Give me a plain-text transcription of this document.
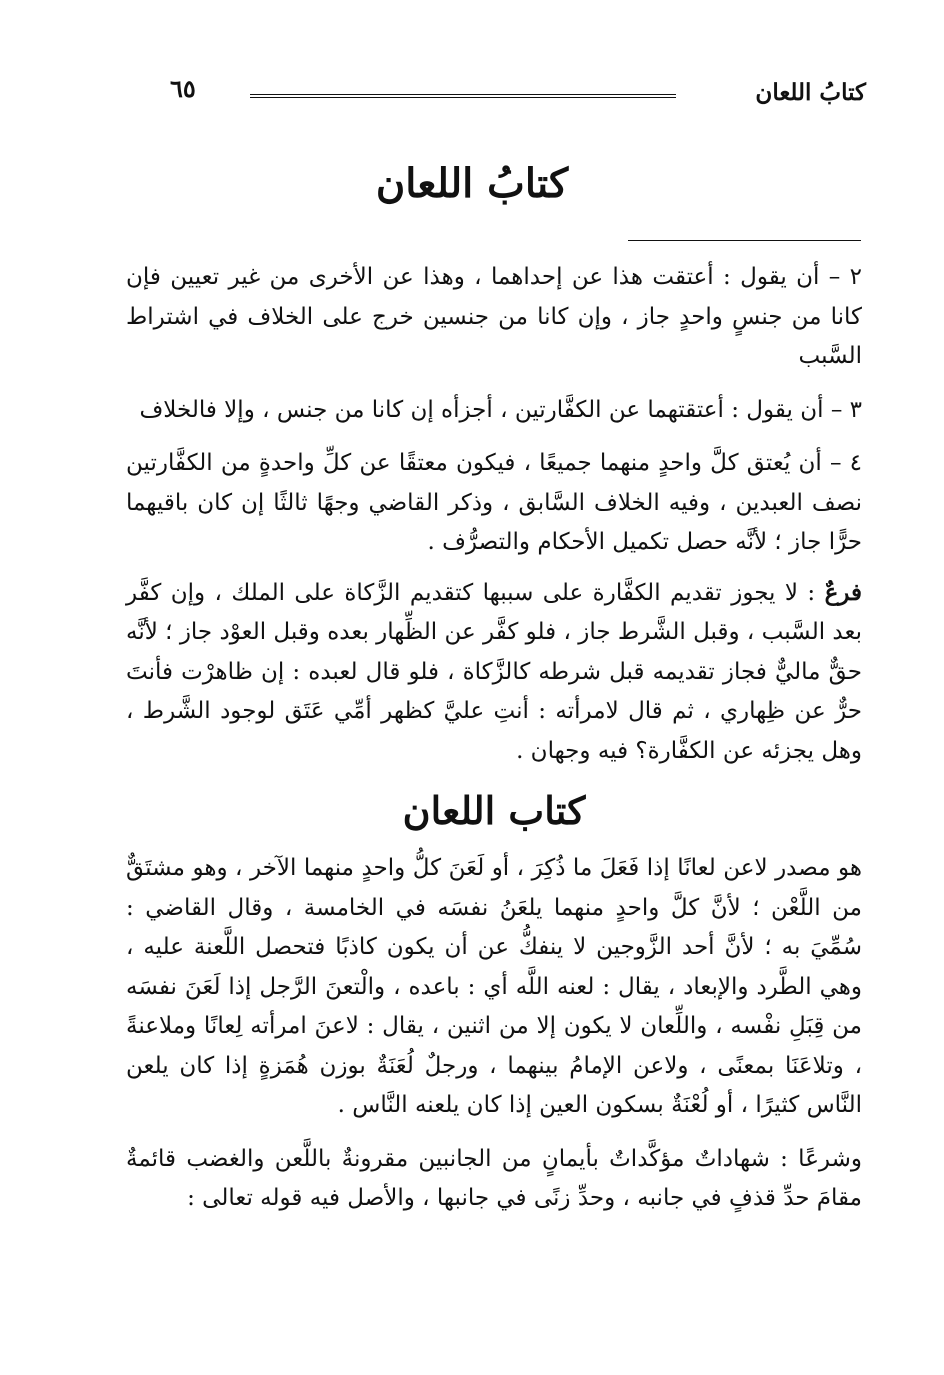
كتابُ اللعان
٦٥
كتابُ اللعان

٢ – أن يقول : أعتقت هذا عن إحداهما ، وهذا عن الأخرى من غير تعيين فإن كانا من جنسٍ واحدٍ جاز ، وإن كانا من جنسين خرج على الخلاف في اشتراط السَّبب

٣ – أن يقول : أعتقتهما عن الكفَّارتين ، أجزأه إن كانا من جنس ، وإلا فالخلاف

٤ – أن يُعتق كلَّ واحدٍ منهما جميعًا ، فيكون معتقًا عن كلِّ واحدةٍ من الكفَّارتين نصف العبدين ، وفيه الخلاف السَّابق ، وذكر القاضي وجهًا ثالثًا إن كان باقيهما حرًّا جاز ؛ لأنَّه حصل تكميل الأحكام والتصرُّف .

فرعٌ : لا يجوز تقديم الكفَّارة على سببها كتقديم الزَّكاة على الملك ، وإن كفَّر بعد السَّبب ، وقبل الشَّرط جاز ، فلو كفَّر عن الظِّهار بعده وقبل العوْد جاز ؛ لأنَّه حقٌّ ماليٌّ فجاز تقديمه قبل شرطه كالزَّكاة ، فلو قال لعبده : إن ظاهرْت فأنتَ حرٌّ عن ظِهاري ، ثم قال لامرأته : أنتِ عليَّ كظهر أمِّي عَتَق لوجود الشَّرط ، وهل يجزئه عن الكفَّارة؟ فيه وجهان .

كتاب اللعان

هو مصدر لاعن لعانًا إذا فَعَلَ ما ذُكِرَ ، أو لَعَنَ كلُّ واحدٍ منهما الآخر ، وهو مشتَقٌّ من اللَّعْن ؛ لأنَّ كلَّ واحدٍ منهما يلعَنُ نفسَه في الخامسة ، وقال القاضي : سُمِّيَ به ؛ لأنَّ أحد الزَّوجين لا ينفكُّ عن أن يكون كاذبًا فتحصل اللَّعنة عليه ، وهي الطَّرد والإبعاد ، يقال : لعنه اللَّه أي : باعده ، والْتعنَ الرَّجل إذا لَعَنَ نفسَه من قِبَلِ نفْسه ، واللِّعان لا يكون إلا من اثنين ، يقال : لاعنَ امرأته لِعانًا وملاعنةً ، وتلاعَنَا بمعنًى ، ولاعن الإمامُ بينهما ، ورجلٌ لُعَنَةٌ بوزن هُمَزةٍ إذا كان يلعن النَّاس كثيرًا ، أو لُعْنَةٌ بسكون العين إذا كان يلعنه النَّاس .

وشرعًا : شهاداتٌ مؤكَّداتٌ بأيمانٍ من الجانبين مقرونةٌ باللَّعن والغضب قائمةٌ مقامَ حدِّ قذفٍ في جانبه ، وحدِّ زنًى في جانبها ، والأصل فيه قوله تعالى :
